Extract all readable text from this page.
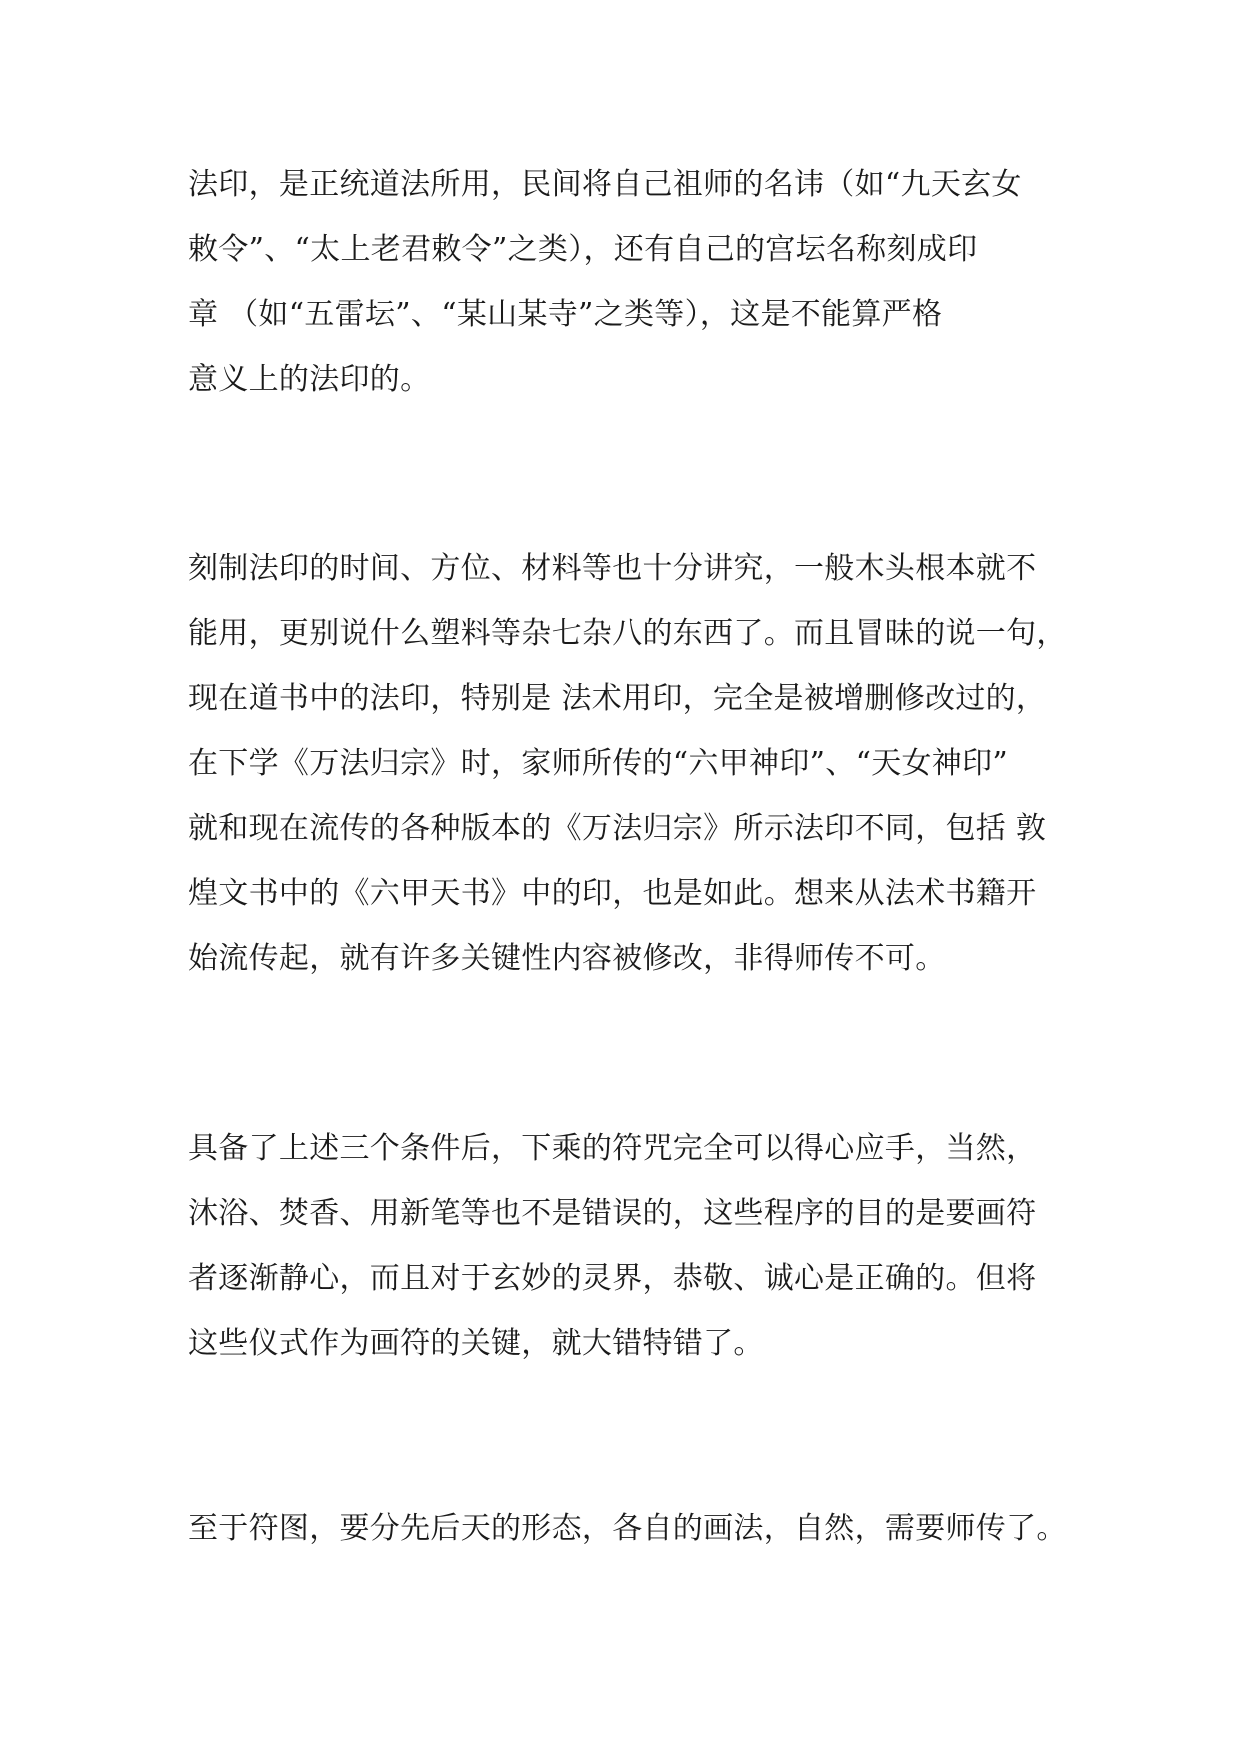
法印，是正统道法所用，民间将自己祖师的名讳（如“九天玄女
敕令”、“太上老君敕令”之类），还有自己的宫坛名称刻成印
章 （如“五雷坛”、“某山某寺”之类等），这是不能算严格
意义上的法印的。
刻制法印的时间、方位、材料等也十分讲究，一般木头根本就不
能用，更别说什么塑料等杂七杂八的东西了。而且冒昧的说一句，
现在道书中的法印，特别是 法术用印，完全是被增删修改过的，
在下学《万法归宗》时，家师所传的“六甲神印”、“天女神印”
就和现在流传的各种版本的《万法归宗》所示法印不同，包括 敦
煌文书中的《六甲天书》中的印，也是如此。想来从法术书籍开
始流传起，就有许多关键性内容被修改，非得师传不可。
具备了上述三个条件后，下乘的符咒完全可以得心应手，当然，
沐浴、焚香、用新笔等也不是错误的，这些程序的目的是要画符
者逐渐静心，而且对于玄妙的灵界，恭敬、诚心是正确的。但将
这些仪式作为画符的关键，就大错特错了。
至于符图，要分先后天的形态，各自的画法，自然，需要师传了。
